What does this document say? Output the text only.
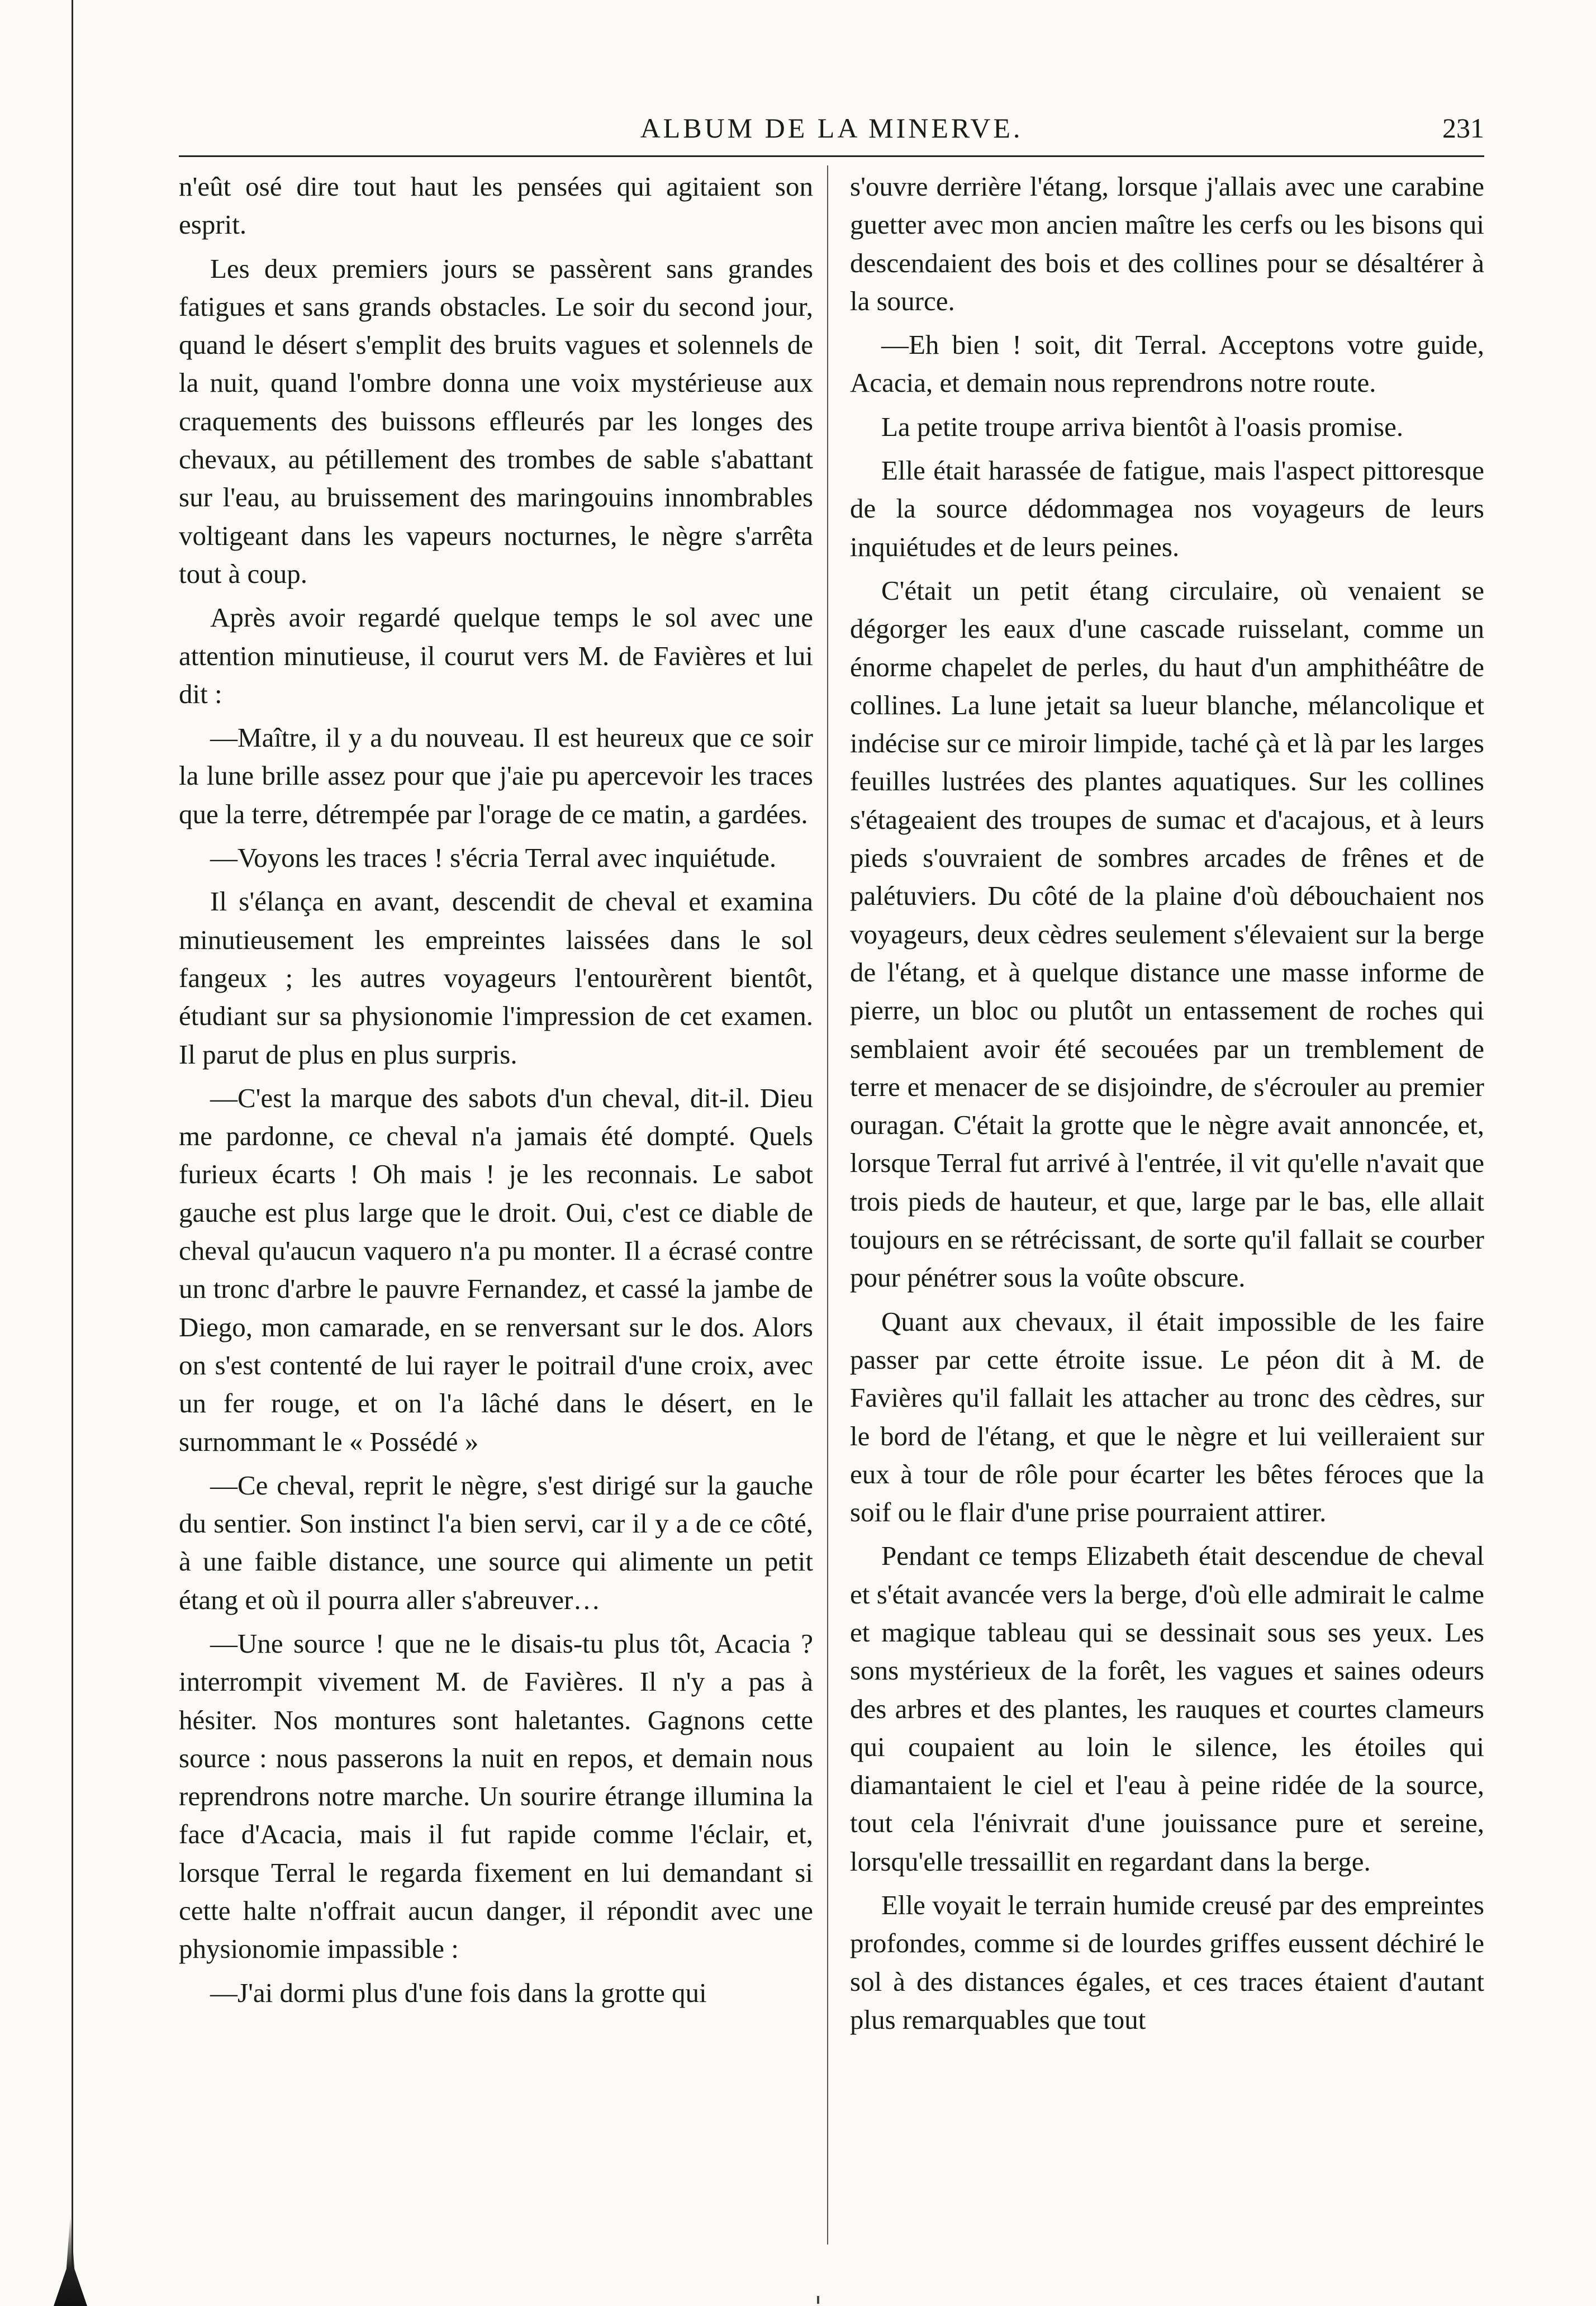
ALBUM DE LA MINERVE.	231

n'eût osé dire tout haut les pensées qui agitaient son esprit.

Les deux premiers jours se passèrent sans grandes fatigues et sans grands obstacles. Le soir du second jour, quand le désert s'emplit des bruits vagues et solennels de la nuit, quand l'ombre donna une voix mystérieuse aux craquements des buissons effleurés par les longes des chevaux, au pétillement des trombes de sable s'abattant sur l'eau, au bruissement des maringouins innombrables voltigeant dans les vapeurs nocturnes, le nègre s'arrêta tout à coup.

Après avoir regardé quelque temps le sol avec une attention minutieuse, il courut vers M. de Favières et lui dit :

—Maître, il y a du nouveau. Il est heureux que ce soir la lune brille assez pour que j'aie pu apercevoir les traces que la terre, détrempée par l'orage de ce matin, a gardées.

—Voyons les traces ! s'écria Terral avec inquiétude.

Il s'élança en avant, descendit de cheval et examina minutieusement les empreintes laissées dans le sol fangeux ; les autres voyageurs l'entourèrent bientôt, étudiant sur sa physionomie l'impression de cet examen. Il parut de plus en plus surpris.

—C'est la marque des sabots d'un cheval, dit-il. Dieu me pardonne, ce cheval n'a jamais été dompté. Quels furieux écarts ! Oh mais ! je les reconnais. Le sabot gauche est plus large que le droit. Oui, c'est ce diable de cheval qu'aucun vaquero n'a pu monter. Il a écrasé contre un tronc d'arbre le pauvre Fernandez, et cassé la jambe de Diego, mon camarade, en se renversant sur le dos. Alors on s'est contenté de lui rayer le poitrail d'une croix, avec un fer rouge, et on l'a lâché dans le désert, en le surnommant le « Possédé »

—Ce cheval, reprit le nègre, s'est dirigé sur la gauche du sentier. Son instinct l'a bien servi, car il y a de ce côté, à une faible distance, une source qui alimente un petit étang et où il pourra aller s'abreuver…

—Une source ! que ne le disais-tu plus tôt, Acacia ? interrompit vivement M. de Favières. Il n'y a pas à hésiter. Nos montures sont haletantes. Gagnons cette source : nous passerons la nuit en repos, et demain nous reprendrons notre marche. Un sourire étrange illumina la face d'Acacia, mais il fut rapide comme l'éclair, et, lorsque Terral le regarda fixement en lui demandant si cette halte n'offrait aucun danger, il répondit avec une physionomie impassible :

—J'ai dormi plus d'une fois dans la grotte qui

s'ouvre derrière l'étang, lorsque j'allais avec une carabine guetter avec mon ancien maître les cerfs ou les bisons qui descendaient des bois et des collines pour se désaltérer à la source.

—Eh bien ! soit, dit Terral. Acceptons votre guide, Acacia, et demain nous reprendrons notre route.

La petite troupe arriva bientôt à l'oasis promise.

Elle était harassée de fatigue, mais l'aspect pittoresque de la source dédommagea nos voyageurs de leurs inquiétudes et de leurs peines.

C'était un petit étang circulaire, où venaient se dégorger les eaux d'une cascade ruisselant, comme un énorme chapelet de perles, du haut d'un amphithéâtre de collines. La lune jetait sa lueur blanche, mélancolique et indécise sur ce miroir limpide, taché çà et là par les larges feuilles lustrées des plantes aquatiques. Sur les collines s'étageaient des troupes de sumac et d'acajous, et à leurs pieds s'ouvraient de sombres arcades de frênes et de palétuviers. Du côté de la plaine d'où débouchaient nos voyageurs, deux cèdres seulement s'élevaient sur la berge de l'étang, et à quelque distance une masse informe de pierre, un bloc ou plutôt un entassement de roches qui semblaient avoir été secouées par un tremblement de terre et menacer de se disjoindre, de s'écrouler au premier ouragan. C'était la grotte que le nègre avait annoncée, et, lorsque Terral fut arrivé à l'entrée, il vit qu'elle n'avait que trois pieds de hauteur, et que, large par le bas, elle allait toujours en se rétrécissant, de sorte qu'il fallait se courber pour pénétrer sous la voûte obscure.

Quant aux chevaux, il était impossible de les faire passer par cette étroite issue. Le péon dit à M. de Favières qu'il fallait les attacher au tronc des cèdres, sur le bord de l'étang, et que le nègre et lui veilleraient sur eux à tour de rôle pour écarter les bêtes féroces que la soif ou le flair d'une prise pourraient attirer.

Pendant ce temps Elizabeth était descendue de cheval et s'était avancée vers la berge, d'où elle admirait le calme et magique tableau qui se dessinait sous ses yeux. Les sons mystérieux de la forêt, les vagues et saines odeurs des arbres et des plantes, les rauques et courtes clameurs qui coupaient au loin le silence, les étoiles qui diamantaient le ciel et l'eau à peine ridée de la source, tout cela l'énivrait d'une jouissance pure et sereine, lorsqu'elle tressaillit en regardant dans la berge.

Elle voyait le terrain humide creusé par des empreintes profondes, comme si de lourdes griffes eussent déchiré le sol à des distances égales, et ces traces étaient d'autant plus remarquables que tout
